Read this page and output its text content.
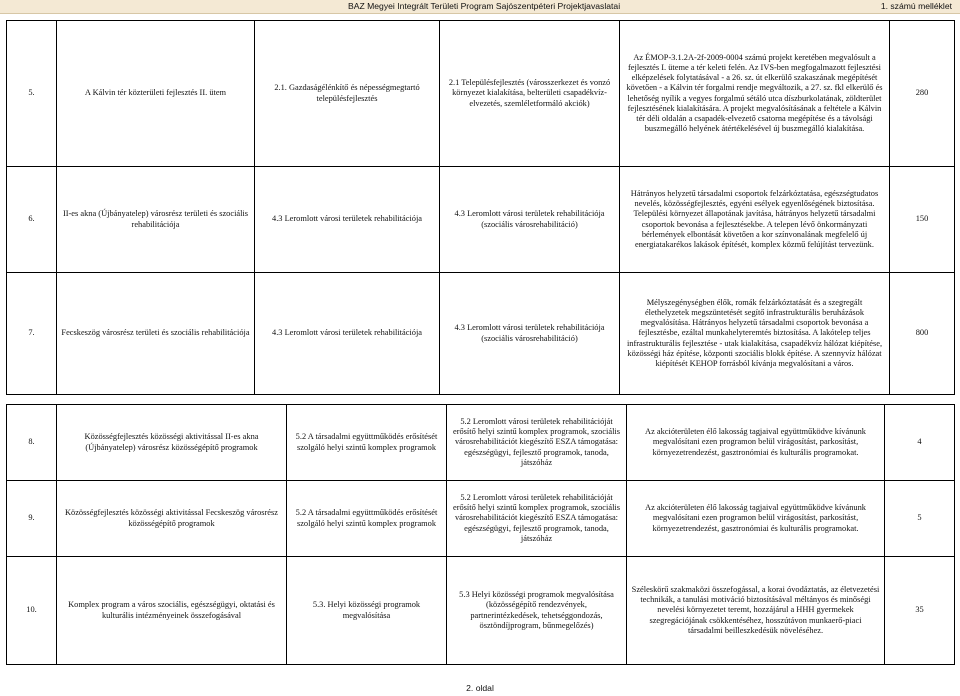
BAZ Megyei Integrált Területi Program Sajószentpéteri Projektjavaslatai	1. számú melléklet
5.	A Kálvin tér közterületi fejlesztés II. ütem	2.1. Gazdaságélénkítő és népességmegtartó településfejlesztés	2.1 Településfejlesztés (városszerkezet és vonzó környezet kialakítása, belterületi csapadékvíz-elvezetés, szemléletformáló akciók)	Az ÉMOP-3.1.2A-2f-2009-0004 számú projekt keretében megvalósult a fejlesztés I. üteme a tér keleti felén. Az IVS-ben megfogalmazott fejlesztési elképzelések folytatásával - a 26. sz. út elkerülő szakaszának megépítését követően - a Kálvin tér forgalmi rendje megváltozik, a 27. sz. fkl elkerülő és lehetőség nyílik a vegyes forgalmú sétáló utca díszburkolatának, zöldterület fejlesztésének kialakítására. A projekt megvalósításának a feltétele a Kálvin tér déli oldalán a csapadék-elvezető csatorna megépítése és a távolsági buszmegálló helyének átértékelésével új buszmegálló kialakítása.	280
6.	II-es akna (Újbányatelep) városrész területi és szociális rehabilitációja	4.3 Leromlott városi területek rehabilitációja	4.3 Leromlott városi területek rehabilitációja (szociális városrehabilitáció)	Hátrányos helyzetű társadalmi csoportok felzárkóztatása, egészségtudatos nevelés, közösségfejlesztés, egyéni esélyek egyenlőségének biztosítása. Települési környezet állapotának javítása, hátrányos helyzetű társadalmi csoportok bevonása a fejlesztésekbe. A telepen lévő önkormányzati bérlemények elbontását követően a kor színvonalának megfelelő új energiatakarékos lakások építését, komplex közmű felújítást tervezünk.	150
7.	Fecskeszög városrész területi és szociális rehabilitációja	4.3 Leromlott városi területek rehabilitációja	4.3 Leromlott városi területek rehabilitációja (szociális városrehabilitáció)	Mélyszegénységben élők, romák felzárkóztatását és a szegregált élethelyzetek megszüntetését segítő infrastrukturális beruházások megvalósítása. Hátrányos helyzetű társadalmi csoportok bevonása a fejlesztésbe, ezáltal munkahelyteremtés biztosítása. A lakótelep teljes infrastrukturális fejlesztése - utak kialakítása, csapadékvíz hálózat kiépítése, közösségi ház építése, központi szociális blokk építése. A szennyvíz hálózat kiépítését KEHOP forrásból kívánja megvalósítani a város.	800
8.	Közösségfejlesztés közösségi aktivitással II-es akna (Újbányatelep) városrész közösségépítő programok	5.2 A társadalmi együttműködés erősítését szolgáló helyi szintű komplex programok	5.2 Leromlott városi területek rehabilitációját erősítő helyi szintű komplex programok, szociális városrehabilitációt kiegészítő ESZA támogatása: egészségügyi, fejlesztő programok, tanoda, játszóház	Az akcióterületen élő lakosság tagjaival együttműködve kívánunk megvalósítani ezen programon belül virágosítást, parkosítást, környezetrendezést, gasztronómiai és kulturális programokat.	4
9.	Közösségfejlesztés közösségi aktivitással Fecskeszög városrész közösségépítő programok	5.2 A társadalmi együttműködés erősítését szolgáló helyi szintű komplex programok	5.2 Leromlott városi területek rehabilitációját erősítő helyi szintű komplex programok, szociális városrehabilitációt kiegészítő ESZA támogatása: egészségügyi, fejlesztő programok, tanoda, játszóház	Az akcióterületen élő lakosság tagjaival együttműködve kívánunk megvalósítani ezen programon belül virágosítást, parkosítást, környezetrendezést, gasztronómiai és kulturális programokat.	5
10.	Komplex program a város szociális, egészségügyi, oktatási és kulturális intézményeinek összefogásával	5.3. Helyi közösségi programok megvalósítása	5.3 Helyi közösségi programok megvalósítása (közösségépítő rendezvények, partnerintézkedések, tehetséggondozás, ösztöndíjprogram, bűnmegelőzés)	Széleskörű szakmaközi összefogással, a korai óvodáztatás, az életvezetési technikák, a tanulási motiváció biztosításával méltányos és minőségi nevelési környezetet teremt, hozzájárul a HHH gyermekek szegregációjának csökkentéséhez, hosszútávon munkaerő-piaci társadalmi beilleszkedésük növeléséhez.	35
2. oldal
